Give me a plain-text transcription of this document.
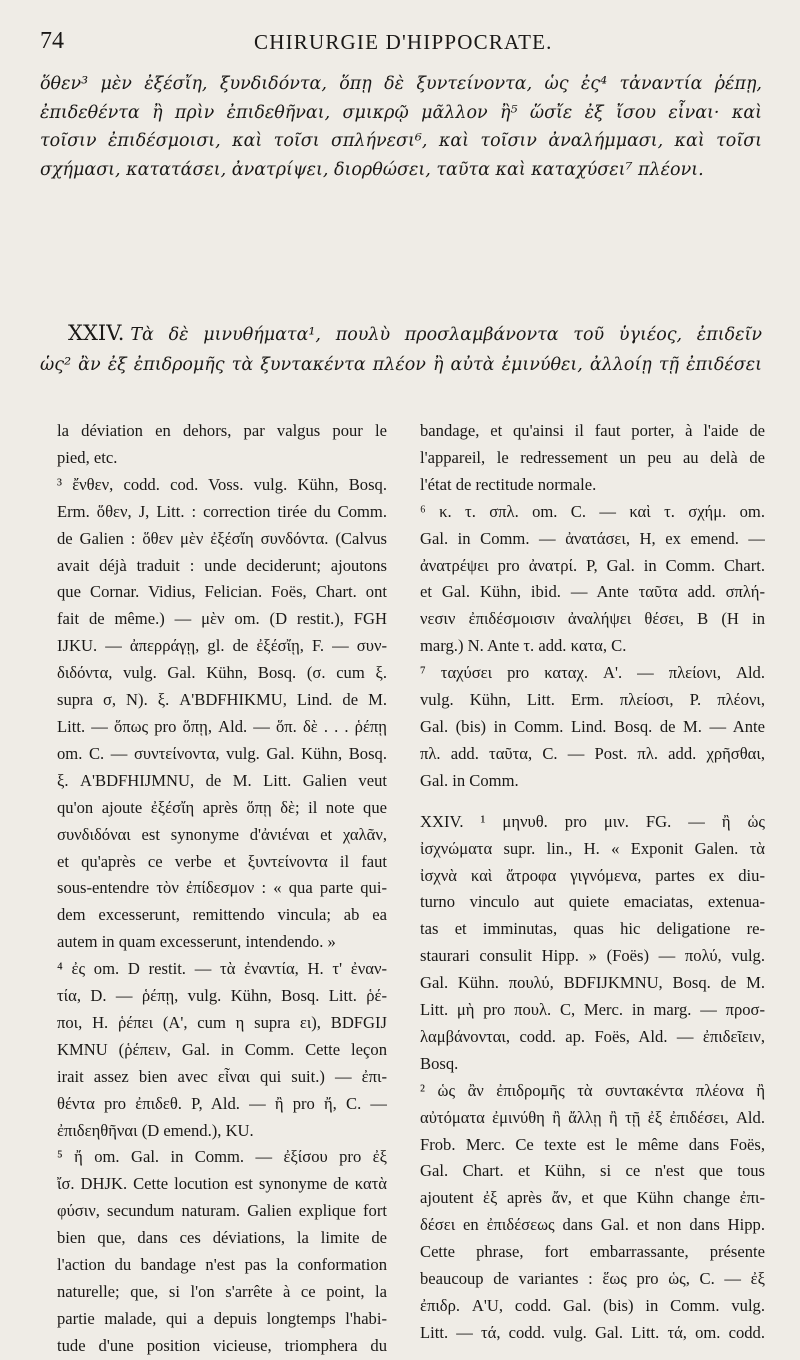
74	CHIRURGIE D'HIPPOCRATE.

ὅθεν³ μὲν ἐξέσἴη, ξυνδιδόντα, ὅπῃ δὲ ξυντείνοντα, ὡς ἐς⁴ τἀναντία ῥέπῃ,

ἐπιδεθέντα ἢ πρὶν ἐπιδεθῆναι, σμικρῷ μᾶλλον ἢ⁵ ὥσἴε ἐξ ἴσου εἶναι· καὶ

τοῖσιν ἐπιδέσμοισι, καὶ τοῖσι σπλήνεσι⁶, καὶ τοῖσιν ἀναλήμμασι, καὶ τοῖσι

σχήμασι, κατατάσει, ἀνατρίψει, διορθώσει, ταῦτα καὶ καταχύσει⁷ πλέονι.

XXIV. Τὰ δὲ μινυθήματα¹, πουλὺ προσλαμβάνοντα τοῦ ὑγιέος, ἐπιδεῖν

ὡς² ἂν ἐξ ἐπιδρομῆς τὰ ξυντακέντα πλέον ἢ αὐτὰ ἐμινύθει, ἀλλοίῃ τῇ ἐπιδέσει

la déviation en dehors, par valgus pour le

pied, etc.

³ ἔνθεν, codd. cod. Voss. vulg. Kühn, Bosq.

Erm. ὅθεν, J, Litt. : correction tirée du Comm.

de Galien : ὅθεν μὲν ἐξέσἴη συνδόντα. (Calvus

avait déjà traduit : unde deciderunt; ajoutons

que Cornar. Vidius, Felician. Foës, Chart. ont

fait de même.) — μὲν om. (D restit.), FGH

IJKU. — ἀπερράγῃ, gl. de ἐξέσἴῃ, F. — συν-

διδόντα, vulg. Gal. Kühn, Bosq. (σ. cum ξ.

supra σ, N). ξ. A'BDFHIKMU, Lind. de M.

Litt. — ὅπως pro ὅπῃ, Ald. — ὅπ. δὲ . . . ῥέπῃ

om. C. — συντείνοντα, vulg. Gal. Kühn, Bosq.

ξ. A'BDFHIJMNU, de M. Litt. Galien veut

qu'on ajoute ἐξέσἴη après ὅπῃ δὲ; il note que

συνδιδόναι est synonyme d'ἀνιέναι et χαλᾶν,

et qu'après ce verbe et ξυντείνοντα il faut

sous-entendre τὸν ἐπίδεσμον : « qua parte qui-

dem excesserunt, remittendo vincula; ab ea

autem in quam excesserunt, intendendo. »

⁴ ἐς om. D restit. — τὰ ἐναντία, H. τ' ἐναν-

τία, D. — ῥέπῃ, vulg. Kühn, Bosq. Litt. ῥέ-

ποι, H. ῥέπει (A', cum η supra ει), BDFGIJ

KMNU (ῥέπειν, Gal. in Comm. Cette leçon

irait assez bien avec εἶναι qui suit.) — ἐπι-

θέντα pro ἐπιδεθ. P, Ald. — ἢ pro ἤ, C. —

ἐπιδεηθῆναι (D emend.), KU.

⁵ ἤ om. Gal. in Comm. — ἐξίσου pro ἐξ

ἴσ. DHJK. Cette locution est synonyme de κατὰ

φύσιν, secundum naturam. Galien explique fort

bien que, dans ces déviations, la limite de

l'action du bandage n'est pas la conformation

naturelle; que, si l'on s'arrête à ce point, la

partie malade, qui a depuis longtemps l'habi-

tude d'une position vicieuse, triomphera du

bandage, et qu'ainsi il faut porter, à l'aide de

l'appareil, le redressement un peu au delà de

l'état de rectitude normale.

⁶ κ. τ. σπλ. om. C. — καὶ τ. σχήμ. om.

Gal. in Comm. — ἀνατάσει, H, ex emend. —

ἀνατρέψει pro ἀνατρί. P, Gal. in Comm. Chart.

et Gal. Kühn, ibid. — Ante ταῦτα add. σπλή-

νεσιν ἐπιδέσμοισιν ἀναλήψει θέσει, B (H in

marg.) N. Ante τ. add. κατα, C.

⁷ ταχύσει pro καταχ. A'. — πλείονι, Ald.

vulg. Kühn, Litt. Erm. πλείοσι, P. πλέονι,

Gal. (bis) in Comm. Lind. Bosq. de M. — Ante

πλ. add. ταῦτα, C. — Post. πλ. add. χρῆσθαι,

Gal. in Comm.

XXIV. ¹ μηνυθ. pro μιν. FG. — ἢ ὡς

ἰσχνώματα supr. lin., H. « Exponit Galen. τὰ

ἰσχνὰ καὶ ἄτροφα γιγνόμενα, partes ex diu-

turno vinculo aut quiete emaciatas, extenua-

tas et imminutas, quas hic deligatione re-

staurari consulit Hipp. » (Foës) — πολύ, vulg.

Gal. Kühn. πουλύ, BDFIJKMNU, Bosq. de M.

Litt. μὴ pro πουλ. C, Merc. in marg. — προσ-

λαμβάνονται, codd. ap. Foës, Ald. — ἐπιδεῖειν,

Bosq.

² ὡς ἂν ἐπιδρομῆς τὰ συντακέντα πλέονα ἢ

αὐτόματα ἐμινύθη ἢ ἄλλῃ ἢ τῇ ἐξ ἐπιδέσει, Ald.

Frob. Merc. Ce texte est le même dans Foës,

Gal. Chart. et Kühn, si ce n'est que tous

ajoutent ἐξ après ἄν, et que Kühn change ἐπι-

δέσει en ἐπιδέσεως dans Gal. et non dans Hipp.

Cette phrase, fort embarrassante, présente

beaucoup de variantes : ἕως pro ὡς, C. — ἐξ

ἐπιδρ. A'U, codd. Gal. (bis) in Comm. vulg.

Litt. — τά, codd. vulg. Gal. Litt. τά, om. codd.
